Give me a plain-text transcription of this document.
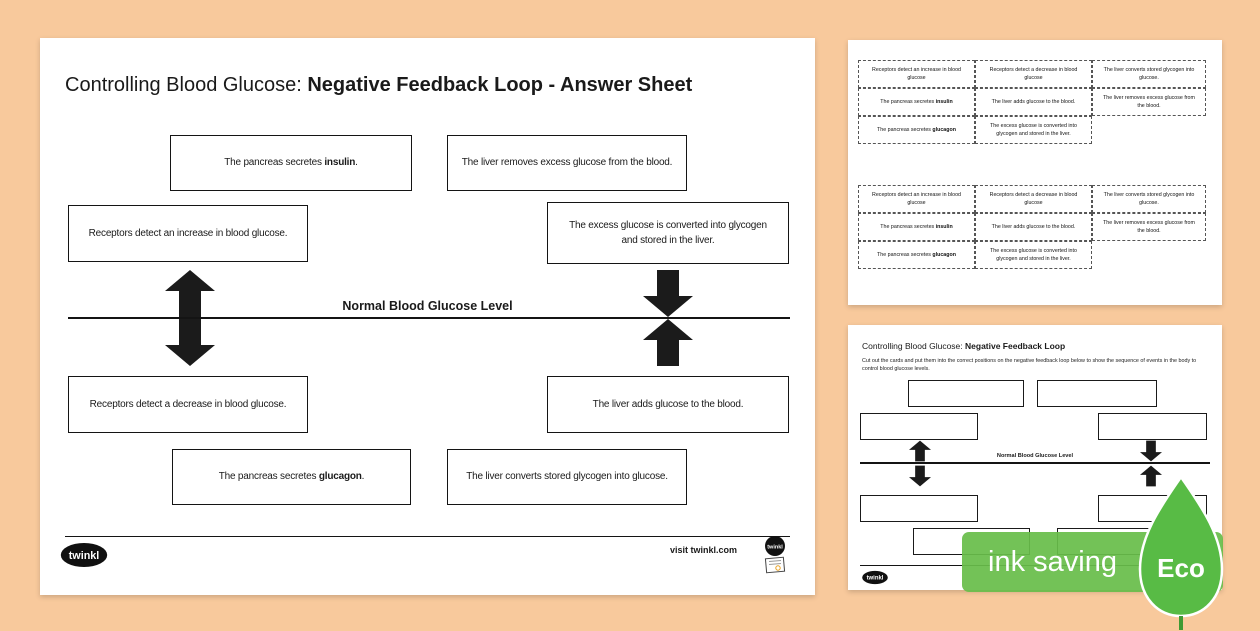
Controlling Blood Glucose: Negative Feedback Loop - Answer Sheet
The pancreas secretes insulin.	The liver removes excess glucose from the blood.
Receptors detect an increase in blood glucose.
The excess glucose is converted into glycogen and stored in the liver.
Normal Blood Glucose Level
Receptors detect a decrease in blood glucose.	The liver adds glucose to the blood.
The pancreas secretes glucagon.	The liver converts stored glycogen into glucose.
twinkl	visit twinkl.com	twinkl
Receptors detect an increase in blood glucose
Receptors detect a decrease in blood glucose
The liver converts stored glycogen into glucose.
The pancreas secretes insulin	The liver adds glucose to the blood.
The liver removes excess glucose from the blood.
The pancreas secretes glucagon
The excess glucose is converted into glycogen and stored in the liver.
Receptors detect an increase in blood glucose
Receptors detect a decrease in blood glucose
The liver converts stored glycogen into glucose.
The pancreas secretes insulin	The liver adds glucose to the blood.
The liver removes excess glucose from the blood.
The pancreas secretes glucagon
The excess glucose is converted into glycogen and stored in the liver.
Controlling Blood Glucose: Negative Feedback Loop
Cut out the cards and put them into the correct positions on the negative feedback loop below to show the sequence of events in the body to control blood glucose levels.
Normal Blood Glucose Level
twinkl
ink saving Eco
